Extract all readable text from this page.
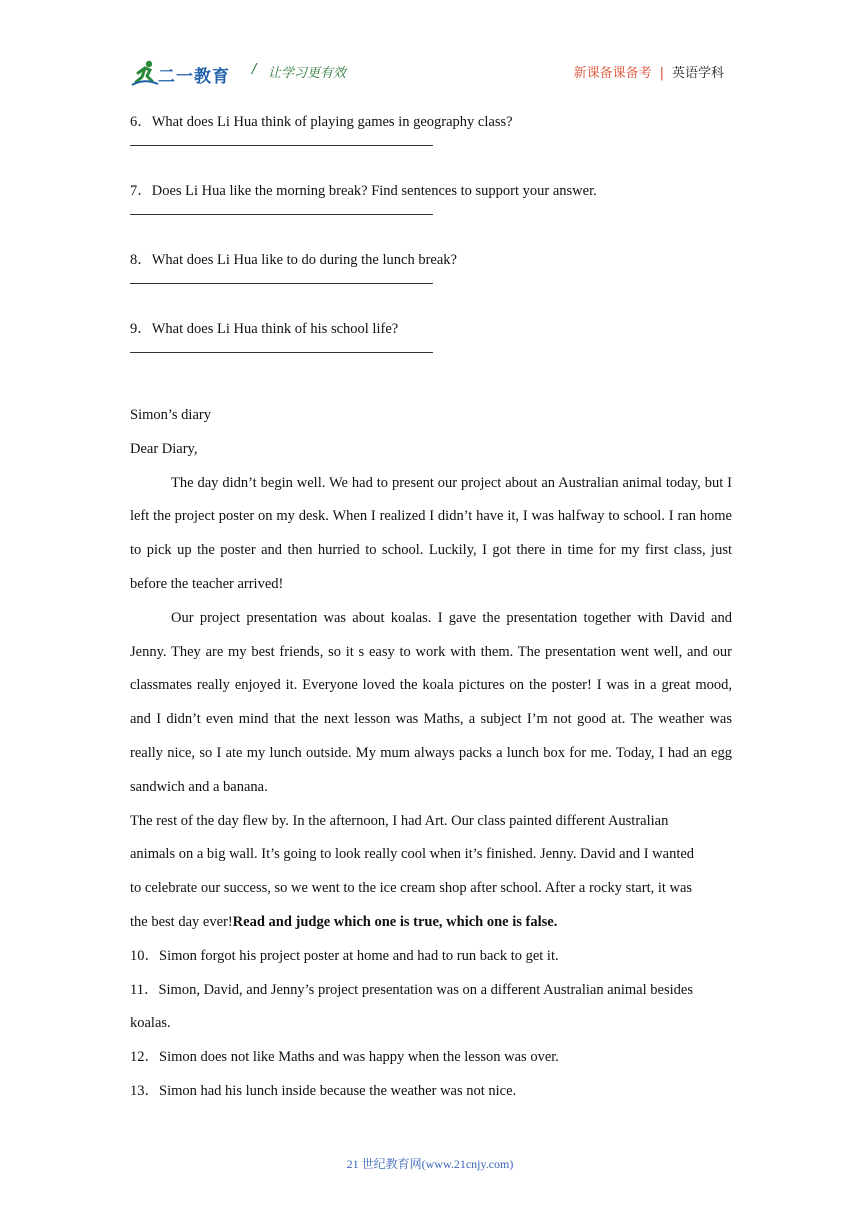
二一教育 / 让学习更有效	新课备课备考 | 英语学科

6．What does Li Hua think of playing games in geography class?

7．Does Li Hua like the morning break? Find sentences to support your answer.

8．What does Li Hua like to do during the lunch break?

9．What does Li Hua think of his school life?

Simon’s diary

Dear Diary,

The day didn’t begin well. We had to present our project about an Australian animal today, but I left the project poster on my desk. When I realized I didn’t have it, I was halfway to school. I ran home to pick up the poster and then hurried to school. Luckily, I got there in time for my first class, just before the teacher arrived!

Our project presentation was about koalas. I gave the presentation together with David and Jenny. They are my best friends, so it s easy to work with them. The presentation went well, and our classmates really enjoyed it. Everyone loved the koala pictures on the poster! I was in a great mood, and I didn’t even mind that the next lesson was Maths, a subject I’m not good at. The weather was really nice, so I ate my lunch outside. My mum always packs a lunch box for me. Today, I had an egg sandwich and a banana.

The rest of the day flew by. In the afternoon, I had Art. Our class painted different Australian

animals on a big wall. It’s going to look really cool when it’s finished. Jenny. David and I wanted

to celebrate our success, so we went to the ice cream shop after school. After a rocky start, it was

the best day ever!Read and judge which one is true, which one is false.

10．Simon forgot his project poster at home and had to run back to get it.

11．Simon, David, and Jenny’s project presentation was on a different Australian animal besides

koalas.

12．Simon does not like Maths and was happy when the lesson was over.

13．Simon had his lunch inside because the weather was not nice.

21 世纪教育网(www.21cnjy.com)
